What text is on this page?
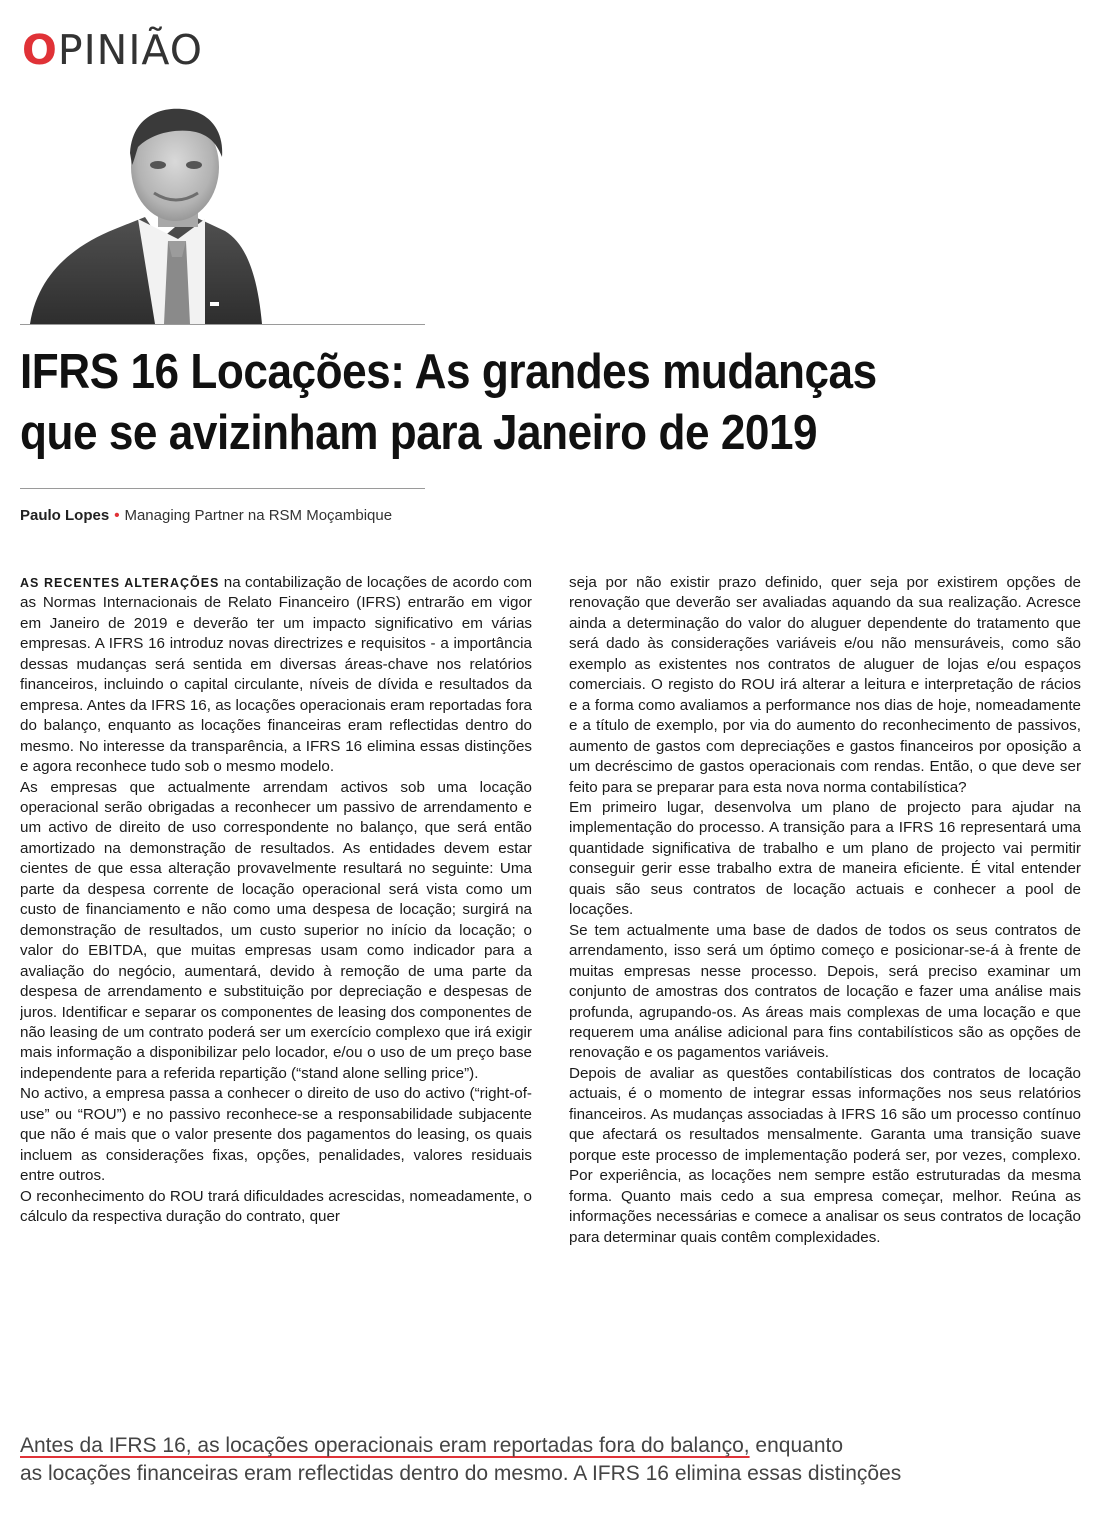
OPINIÃO
IFRS 16 Locações: As grandes mudanças
que se avizinham para Janeiro de 2019
Paulo Lopes • Managing Partner na RSM Moçambique

AS RECENTES ALTERAÇÕES na contabilização de locações de acordo com as Normas Internacionais de Relato Financeiro (IFRS) entrarão em vigor em Janeiro de 2019 e deverão ter um impacto significativo em várias empresas. A IFRS 16 introduz novas directrizes e requisitos - a importância dessas mudanças será sentida em diversas áreas-chave nos relatórios financeiros, incluindo o capital circulante, níveis de dívida e resultados da empresa. Antes da IFRS 16, as locações operacionais eram reportadas fora do balanço, enquanto as locações financeiras eram reflectidas dentro do mesmo. No interesse da transparência, a IFRS 16 elimina essas distinções e agora reconhece tudo sob o mesmo modelo.

As empresas que actualmente arrendam activos sob uma locação operacional serão obrigadas a reconhecer um passivo de arrendamento e um activo de direito de uso correspondente no balanço, que será então amortizado na demonstração de resultados. As entidades devem estar cientes de que essa alteração provavelmente resultará no seguinte: Uma parte da despesa corrente de locação operacional será vista como um custo de financiamento e não como uma despesa de locação; surgirá na demonstração de resultados, um custo superior no início da locação; o valor do EBITDA, que muitas empresas usam como indicador para a avaliação do negócio, aumentará, devido à remoção de uma parte da despesa de arrendamento e substituição por depreciação e despesas de juros. Identificar e separar os componentes de leasing dos componentes de não leasing de um contrato poderá ser um exercício complexo que irá exigir mais informação a disponibilizar pelo locador, e/ou o uso de um preço base independente para a referida repartição (“stand alone selling price”).

No activo, a empresa passa a conhecer o direito de uso do activo (“right-of-use” ou “ROU”) e no passivo reconhece-se a responsabilidade subjacente que não é mais que o valor presente dos pagamentos do leasing, os quais incluem as considerações fixas, opções, penalidades, valores residuais entre outros.

O reconhecimento do ROU trará dificuldades acrescidas, nomeadamente, o cálculo da respectiva duração do contrato, quer

seja por não existir prazo definido, quer seja por existirem opções de renovação que deverão ser avaliadas aquando da sua realização. Acresce ainda a determinação do valor do aluguer dependente do tratamento que será dado às considerações variáveis e/ou não mensuráveis, como são exemplo as existentes nos contratos de aluguer de lojas e/ou espaços comerciais. O registo do ROU irá alterar a leitura e interpretação de rácios e a forma como avaliamos a performance nos dias de hoje, nomeadamente e a título de exemplo, por via do aumento do reconhecimento de passivos, aumento de gastos com depreciações e gastos financeiros por oposição a um decréscimo de gastos operacionais com rendas. Então, o que deve ser feito para se preparar para esta nova norma contabilística?

Em primeiro lugar, desenvolva um plano de projecto para ajudar na implementação do processo. A transição para a IFRS 16 representará uma quantidade significativa de trabalho e um plano de projecto vai permitir conseguir gerir esse trabalho extra de maneira eficiente. É vital entender quais são seus contratos de locação actuais e conhecer a pool de locações.

Se tem actualmente uma base de dados de todos os seus contratos de arrendamento, isso será um óptimo começo e posicionar-se-á à frente de muitas empresas nesse processo. Depois, será preciso examinar um conjunto de amostras dos contratos de locação e fazer uma análise mais profunda, agrupando-os. As áreas mais complexas de uma locação e que requerem uma análise adicional para fins contabilísticos são as opções de renovação e os pagamentos variáveis.

Depois de avaliar as questões contabilísticas dos contratos de locação actuais, é o momento de integrar essas informações nos seus relatórios financeiros. As mudanças associadas à IFRS 16 são um processo contínuo que afectará os resultados mensalmente. Garanta uma transição suave porque este processo de implementação poderá ser, por vezes, complexo. Por experiência, as locações nem sempre estão estruturadas da mesma forma. Quanto mais cedo a sua empresa começar, melhor. Reúna as informações necessárias e comece a analisar os seus contratos de locação para determinar quais contêm complexidades.

Antes da IFRS 16, as locações operacionais eram reportadas fora do balanço, enquanto
as locações financeiras eram reflectidas dentro do mesmo. A IFRS 16 elimina essas distinções
